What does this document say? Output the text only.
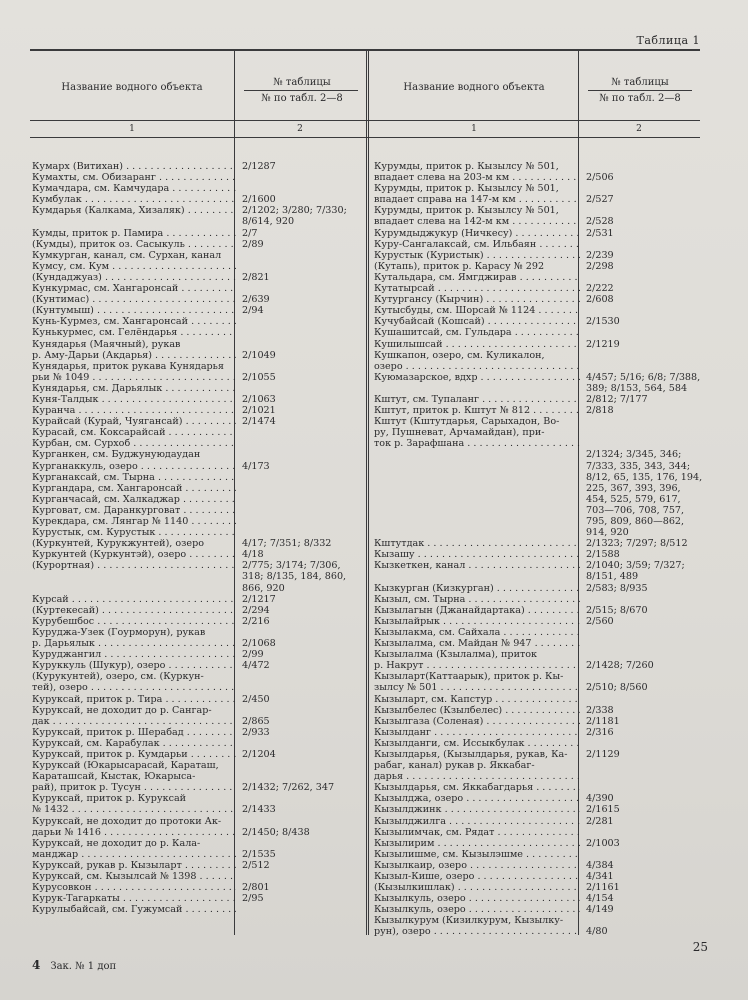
Таблица 1
Название водного объекта	№ таблицы
№ по табл. 2—8
1	2
Название водного объекта	№ таблицы
№ по табл. 2—8
1	2
Кумарх (Витихан) . . .	2/1287
Кумахты, см. Обизаранг . . .
Кумачдара, см. Камчудара . . .
Кумбулак . . .	2/1600
Кумдарья (Калкама, Хизаляк) . . .	2/1202; 3/280; 7/330;
8/614, 920
Кумды, приток р. Памира . . .	2/7
(Кумды), приток оз. Сасыкуль . . .	2/89
Кумкурган, канал, см. Сурхан, канал
Кумсу, см. Кум . . .
(Кундаджуаз) . . .	2/821
Кункурмас, см. Хангаронсай . . .
(Кунтимас) . . .	2/639
(Кунтумыш) . . .	2/94
Кунь-Курмез, см. Хангаронсай . . .
Кунькурмес, см. Гелёндарья . . .
Кунядарья (Маячный), рукав
р. Аму-Дарьи (Акдарья) . . .	2/1049
Кунядарья, приток рукава Кунядарья
рьи № 1049 . . .	2/1055
Кунядарья, см. Дарьялык . . .
Куня-Талдык . . .	2/1063
Куранча . . .	2/1021
Курайсай (Курай, Чуягансай) . . .	2/1474
Курасай, см. Коксарайсай . . .
Курбан, см. Сурхоб . . .
Курганкен, см. Буджунуюдаудан
Курганаккуль, озеро . . .	4/173
Курганаксай, см. Тырна . . .
Кургандара, см. Хангаронсай . . .
Курганчасай, см. Халкаджар . . .
Курговат, см. Даранкурговат . . .
Курекдара, см. Лянгар № 1140 . . .
Курустык, см. Курустык . . .
(Куркунтей, Курукжунтей), озеро	4/17; 7/351; 8/332
Куркунтей (Куркунтэй), озеро . . .	4/18
(Курортная) . . .	2/775; 3/174; 7/306,
318; 8/135, 184, 860,
866, 920
Курсай . . .	2/1217
(Куртекесай) . . .	2/294
Курубешбос . . .	2/216
Куруджа-Узек (Гоурморун), рукав
р. Дарьялык . . .	2/1068
Куруджангил . . .	2/99
Куруккуль (Шукур), озеро . . .	4/472
(Курукунтей), озеро, см. (Куркун-
тей), озеро . . .
Куруксай, приток р. Тира . . .	2/450
Куруксай, не доходит до р. Сангар-
дак . . .	2/865
Куруксай, приток р. Шерабад . . .	2/933
Куруксай, см. Карабулак . . .
Куруксай, приток р. Кумдарьи . . .	2/1204
Куруксай (Юкарысарасай, Караташ,
Караташсай, Кыстак, Юкарыса-
рай), приток р. Тусун . . .	2/1432; 7/262, 347
Куруксай, приток р. Куруксай
№ 1432 . . .	2/1433
Куруксай, не доходит до протоки Ак-
дарьи № 1416 . . .	2/1450; 8/438
Куруксай, не доходит до р. Кала-
манджар . . .	2/1535
Куруксай, рукав р. Кызыларт . . .	2/512
Куруксай, см. Кызылсай № 1398 . . .
Курусовкон . . .	2/801
Курук-Тагаркаты . . .	2/95
Курулыбайсай, см. Гужумсай . . .
Курумды, приток р. Кызылсу № 501,
впадает слева на 203-м км . . .	2/506
Курумды, приток р. Кызылсу № 501,
впадает справа на 147-м км . . .	2/527
Курумды, приток р. Кызылсу № 501,
впадает слева на 142-м км . . .	2/528
Курумдыджукур (Ничкесу) . . .	2/531
Куру-Сангалаксай, см. Ильбаян . . .
Курустык (Куристык) . . .	2/239
(Кутапь), приток р. Карасу № 292	2/298
Кутальдара, см. Ямгджирав . . .
Кутатырсай . . .	2/222
Кутургансу (Кырчин) . . .	2/608
Кутысбуды, см. Шорсай № 1124 . . .
Кучубайсай (Кошсай) . . .	2/1530
Кушашитсай, см. Гульдара . . .
Кушилышсай . . .	2/1219
Кушкапон, озеро, см. Куликалон,
озеро . . .
Куюмазарское, вдхр . . .	4/457; 5/16; 6/8; 7/388,
389; 8/153, 564, 584
Кштут, см. Тупаланг . . .	2/812; 7/177
Кштут, приток р. Кштут № 812 . . .	2/818
Кштут (Кштутдарья, Сарыхадон, Во-
ру, Пушневат, Арчамайдан), при-
ток р. Зарафшана . . .
2/1324; 3/345, 346;
7/333, 335, 343, 344;
8/12, 65, 135, 176, 194,
225, 367, 393, 396,
454, 525, 579, 617,
703—706, 708, 757,
795, 809, 860—862,
914, 920
Кштутдак . . .	2/1323; 7/297; 8/512
Кызашу . . .	2/1588
Кызкеткен, канал . . .	2/1040; 3/59; 7/327;
8/151, 489
Кызкурган (Кизкурган) . . .	2/583; 8/935
Кызыл, см. Тырна . . .
Кызылагын (Джанайдартака) . . .	2/515; 8/670
Кызылайрык . . .	2/560
Кызылакма, см. Сайхала . . .
Кызылалма, см. Майдан № 947 . . .
Кызылалма (Кзылалма), приток
р. Накрут . . .	2/1428; 7/260
Кызыларт(Каттаарык), приток р. Кы-
зылсу № 501 . . .	2/510; 8/560
Кызыларт, см. Капстур . . .
Кызылбелес (Кзылбелес) . . .	2/338
Кызылгаза (Соленая) . . .	2/1181
Кызылданг . . .	2/316
Кызылданги, см. Иссыкбулак . . .
Кызылдарья, (Кызылдарья, рукав, Ка-	2/1129
рабаг, канал) рукав р. Яккабаг-
дарья . . .
Кызылдарья, см. Яккабагдарья . . .
Кызылджа, озеро . . .	4/390
Кызылджинк . . .	2/1615
Кызылджилга . . .	2/281
Кызылимчак, см. Рядат . . .
Кызылирим . . .	2/1003
Кызылишме, см. Кызылэшме . . .
Кызылкаир, озеро . . .	4/384
Кызыл-Кише, озеро . . .	4/341
(Кызылкишлак) . . .	2/1161
Кызылкуль, озеро . . .	4/154
Кызылкуль, озеро . . .	4/149
Кызылкурум (Кизилкурум, Кызылку-
рун), озеро . . .	4/80
4 Зак. № 1 доп
25
